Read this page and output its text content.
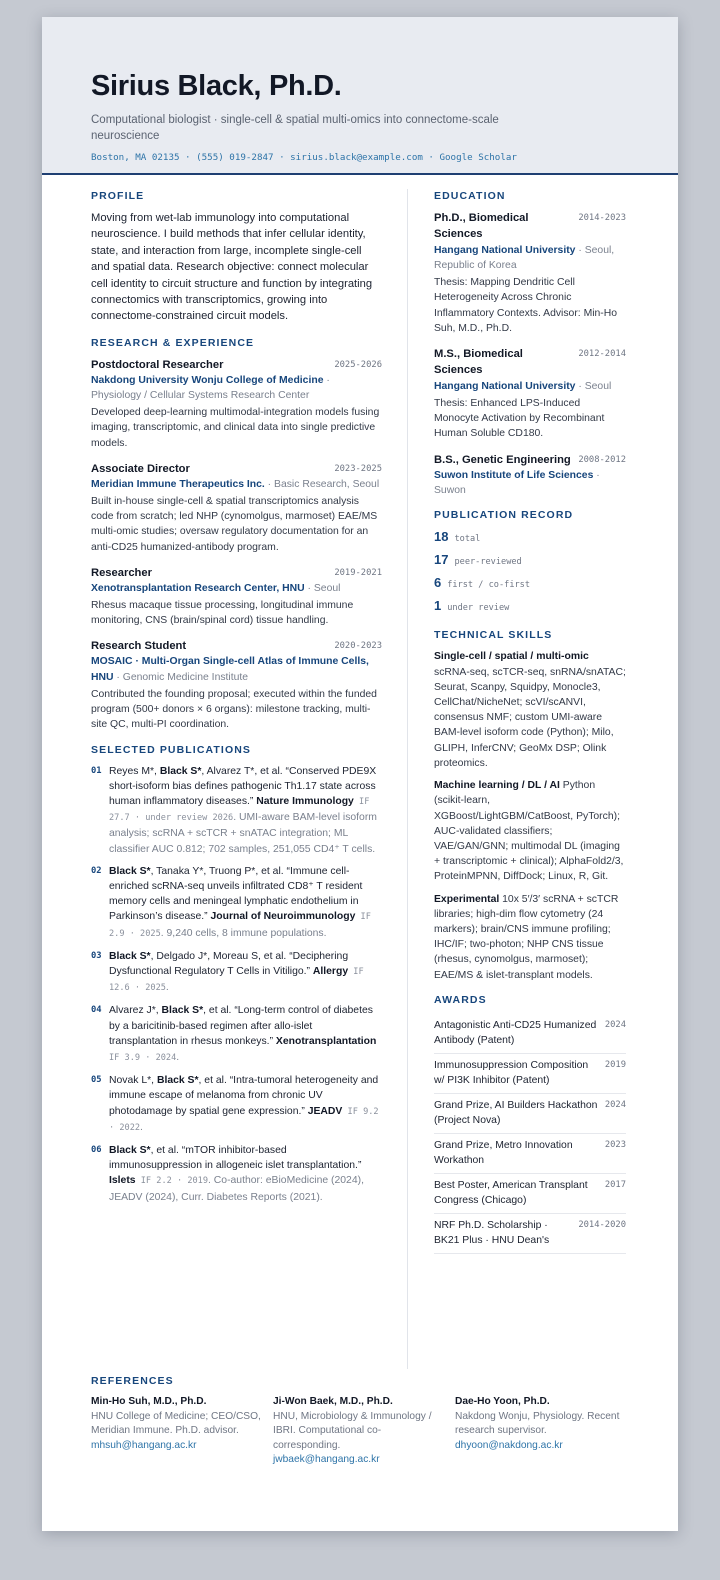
Sirius Black, Ph.D.
Computational biologist · single-cell & spatial multi-omics into connectome-scale neuroscience
Boston, MA 02135 · (555) 019-2847 · sirius.black@example.com · Google Scholar
PROFILE
Moving from wet-lab immunology into computational neuroscience. I build methods that infer cellular identity, state, and interaction from large, incomplete single-cell and spatial data. Research objective: connect molecular cell identity to circuit structure and function by integrating connectomics with transcriptomics, growing into connectome-constrained circuit models.
RESEARCH & EXPERIENCE
Postdoctoral Researcher	2025-2026
Nakdong University Wonju College of Medicine · Physiology / Cellular Systems Research Center
Developed deep-learning multimodal-integration models fusing imaging, transcriptomic, and clinical data into single predictive models.
Associate Director	2023-2025
Meridian Immune Therapeutics Inc. · Basic Research, Seoul
Built in-house single-cell & spatial transcriptomics analysis code from scratch; led NHP (cynomolgus, marmoset) EAE/MS multi-omic studies; oversaw regulatory documentation for an anti-CD25 humanized-antibody program.
Researcher	2019-2021
Xenotransplantation Research Center, HNU · Seoul
Rhesus macaque tissue processing, longitudinal immune monitoring, CNS (brain/spinal cord) tissue handling.
Research Student	2020-2023
MOSAIC · Multi-Organ Single-cell Atlas of Immune Cells, HNU · Genomic Medicine Institute
Contributed the founding proposal; executed within the funded program (500+ donors × 6 organs): milestone tracking, multi-site QC, multi-PI coordination.
SELECTED PUBLICATIONS
01 Reyes M*, Black S*, Alvarez T*, et al. “Conserved PDE9X short-isoform bias defines pathogenic Th1.17 state across human inflammatory diseases.” Nature Immunology IF 27.7 · under review 2026. UMI-aware BAM-level isoform analysis; scRNA + scTCR + snATAC integration; ML classifier AUC 0.812; 702 samples, 251,055 CD4⁺ T cells.
02 Black S*, Tanaka Y*, Truong P*, et al. “Immune cell-enriched scRNA-seq unveils infiltrated CD8⁺ T resident memory cells and meningeal lymphatic endothelium in Parkinson’s disease.” Journal of Neuroimmunology IF 2.9 · 2025. 9,240 cells, 8 immune populations.
03 Black S*, Delgado J*, Moreau S, et al. “Deciphering Dysfunctional Regulatory T Cells in Vitiligo.” Allergy IF 12.6 · 2025.
04 Alvarez J*, Black S*, et al. “Long-term control of diabetes by a baricitinib-based regimen after allo-islet transplantation in rhesus monkeys.” Xenotransplantation IF 3.9 · 2024.
05 Novak L*, Black S*, et al. “Intra-tumoral heterogeneity and immune escape of melanoma from chronic UV photodamage by spatial gene expression.” JEADV IF 9.2 · 2022.
06 Black S*, et al. “mTOR inhibitor-based immunosuppression in allogeneic islet transplantation.” Islets IF 2.2 · 2019. Co-author: eBioMedicine (2024), JEADV (2024), Curr. Diabetes Reports (2021).
EDUCATION
Ph.D., Biomedical Sciences
2014-2023
Hangang National University · Seoul, Republic of Korea
Thesis: Mapping Dendritic Cell Heterogeneity Across Chronic Inflammatory Contexts. Advisor: Min-Ho Suh, M.D., Ph.D.
M.S., Biomedical Sciences
2012-2014
Hangang National University · Seoul
Thesis: Enhanced LPS-Induced Monocyte Activation by Recombinant Human Soluble CD180.
B.S., Genetic Engineering 2008-2012
Suwon Institute of Life Sciences · Suwon
PUBLICATION RECORD
18 total
17 peer-reviewed
6 first / co-first
1 under review
TECHNICAL SKILLS
Single-cell / spatial / multi-omic scRNA-seq, scTCR-seq, snRNA/snATAC; Seurat, Scanpy, Squidpy, Monocle3, CellChat/NicheNet; scVI/scANVI, consensus NMF; custom UMI-aware BAM-level isoform code (Python); Milo, GLIPH, InferCNV; GeoMx DSP; Olink proteomics.
Machine learning / DL / AI Python (scikit-learn, XGBoost/LightGBM/CatBoost, PyTorch); AUC-validated classifiers; VAE/GAN/GNN; multimodal DL (imaging + transcriptomic + clinical); AlphaFold2/3, ProteinMPNN, DiffDock; Linux, R, Git.
Experimental 10x 5′/3′ scRNA + scTCR libraries; high-dim flow cytometry (24 markers); brain/CNS immune profiling; IHC/IF; two-photon; NHP CNS tissue (rhesus, cynomolgus, marmoset); EAE/MS & islet-transplant models.
AWARDS
Antagonistic Anti-CD25 Humanized Antibody (Patent)
2024
Immunosuppression Composition w/ PI3K Inhibitor (Patent)
2019
Grand Prize, AI Builders Hackathon (Project Nova)
2024
Grand Prize, Metro Innovation Workathon
2023
Best Poster, American Transplant Congress (Chicago)
2017
NRF Ph.D. Scholarship · BK21 Plus · HNU Dean's
2014-2020
REFERENCES
Min-Ho Suh, M.D., Ph.D.
HNU College of Medicine; CEO/CSO, Meridian Immune. Ph.D. advisor.
mhsuh@hangang.ac.kr
Ji-Won Baek, M.D., Ph.D.
HNU, Microbiology & Immunology / IBRI. Computational co-corresponding.
jwbaek@hangang.ac.kr
Dae-Ho Yoon, Ph.D.
Nakdong Wonju, Physiology. Recent research supervisor.
dhyoon@nakdong.ac.kr
